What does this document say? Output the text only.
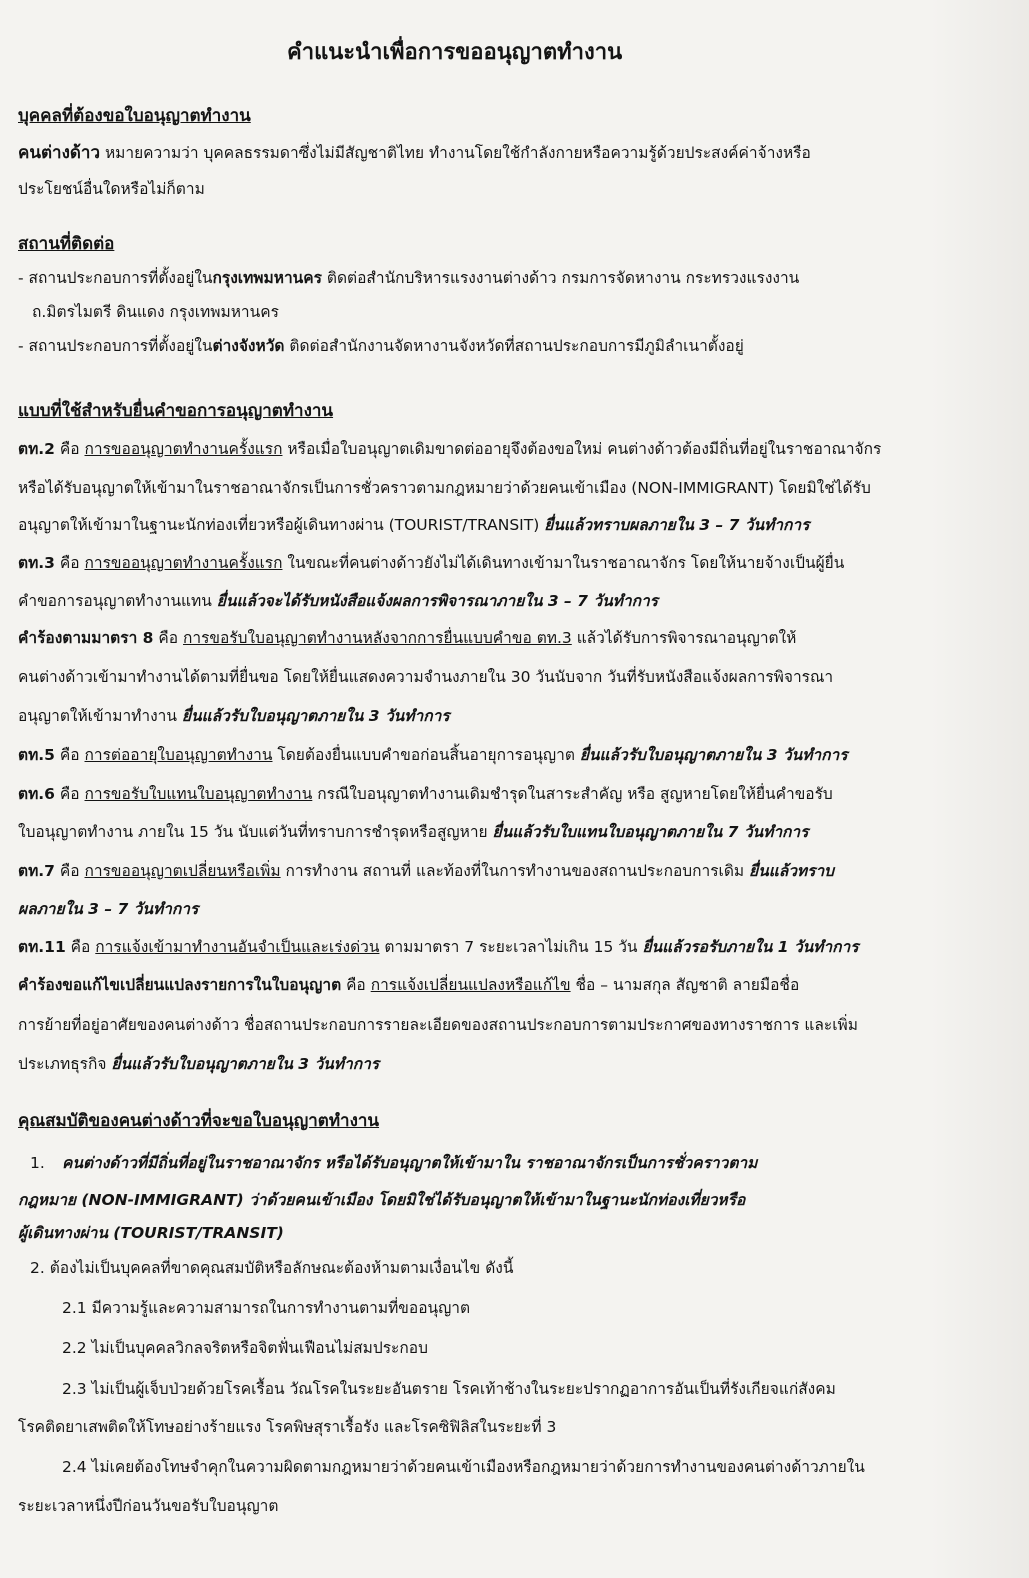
คำแนะนำเพื่อการขออนุญาตทำงาน
บุคคลที่ต้องขอใบอนุญาตทำงาน
คนต่างด้าว หมายความว่า บุคคลธรรมดาซึ่งไม่มีสัญชาติไทย ทำงานโดยใช้กำลังกายหรือความรู้ด้วยประสงค์ค่าจ้างหรือ
ประโยชน์อื่นใดหรือไม่ก็ตาม
สถานที่ติดต่อ
- สถานประกอบการที่ตั้งอยู่ในกรุงเทพมหานคร ติดต่อสำนักบริหารแรงงานต่างด้าว กรมการจัดหางาน กระทรวงแรงงาน
ถ.มิตรไมตรี ดินแดง กรุงเทพมหานคร
- สถานประกอบการที่ตั้งอยู่ในต่างจังหวัด ติดต่อสำนักงานจัดหางานจังหวัดที่สถานประกอบการมีภูมิลำเนาตั้งอยู่
แบบที่ใช้สำหรับยื่นคำขอการอนุญาตทำงาน
ตท.2 คือ การขออนุญาตทำงานครั้งแรก หรือเมื่อใบอนุญาตเดิมขาดต่ออายุจึงต้องขอใหม่ คนต่างด้าวต้องมีถิ่นที่อยู่ในราชอาณาจักร
หรือได้รับอนุญาตให้เข้ามาในราชอาณาจักรเป็นการชั่วคราวตามกฎหมายว่าด้วยคนเข้าเมือง (NON-IMMIGRANT) โดยมิใช่ได้รับ
อนุญาตให้เข้ามาในฐานะนักท่องเที่ยวหรือผู้เดินทางผ่าน (TOURIST/TRANSIT) ยื่นแล้วทราบผลภายใน 3 – 7 วันทำการ
ตท.3 คือ การขออนุญาตทำงานครั้งแรก ในขณะที่คนต่างด้าวยังไม่ได้เดินทางเข้ามาในราชอาณาจักร โดยให้นายจ้างเป็นผู้ยื่น
คำขอการอนุญาตทำงานแทน ยื่นแล้วจะได้รับหนังสือแจ้งผลการพิจารณาภายใน 3 – 7 วันทำการ
คำร้องตามมาตรา 8 คือ การขอรับใบอนุญาตทำงานหลังจากการยื่นแบบคำขอ ตท.3 แล้วได้รับการพิจารณาอนุญาตให้
คนต่างด้าวเข้ามาทำงานได้ตามที่ยื่นขอ โดยให้ยื่นแสดงความจำนงภายใน 30 วันนับจาก วันที่รับหนังสือแจ้งผลการพิจารณา
อนุญาตให้เข้ามาทำงาน ยื่นแล้วรับใบอนุญาตภายใน 3 วันทำการ
ตท.5 คือ การต่ออายุใบอนุญาตทำงาน โดยต้องยื่นแบบคำขอก่อนสิ้นอายุการอนุญาต ยื่นแล้วรับใบอนุญาตภายใน 3 วันทำการ
ตท.6 คือ การขอรับใบแทนใบอนุญาตทำงาน กรณีใบอนุญาตทำงานเดิมชำรุดในสาระสำคัญ หรือ สูญหายโดยให้ยื่นคำขอรับ
ใบอนุญาตทำงาน ภายใน 15 วัน นับแต่วันที่ทราบการชำรุดหรือสูญหาย ยื่นแล้วรับใบแทนใบอนุญาตภายใน 7 วันทำการ
ตท.7 คือ การขออนุญาตเปลี่ยนหรือเพิ่ม การทำงาน สถานที่ และท้องที่ในการทำงานของสถานประกอบการเดิม ยื่นแล้วทราบ
ผลภายใน 3 – 7 วันทำการ
ตท.11 คือ การแจ้งเข้ามาทำงานอันจำเป็นและเร่งด่วน ตามมาตรา 7 ระยะเวลาไม่เกิน 15 วัน ยื่นแล้วรอรับภายใน 1 วันทำการ
คำร้องขอแก้ไขเปลี่ยนแปลงรายการในใบอนุญาต คือ การแจ้งเปลี่ยนแปลงหรือแก้ไข ชื่อ – นามสกุล สัญชาติ ลายมือชื่อ
การย้ายที่อยู่อาศัยของคนต่างด้าว ชื่อสถานประกอบการรายละเอียดของสถานประกอบการตามประกาศของทางราชการ และเพิ่ม
ประเภทธุรกิจ ยื่นแล้วรับใบอนุญาตภายใน 3 วันทำการ
คุณสมบัติของคนต่างด้าวที่จะขอใบอนุญาตทำงาน
1. คนต่างด้าวที่มีถิ่นที่อยู่ในราชอาณาจักร หรือได้รับอนุญาตให้เข้ามาใน ราชอาณาจักรเป็นการชั่วคราวตาม
กฎหมาย (NON-IMMIGRANT) ว่าด้วยคนเข้าเมือง โดยมิใช่ได้รับอนุญาตให้เข้ามาในฐานะนักท่องเที่ยวหรือ
ผู้เดินทางผ่าน (TOURIST/TRANSIT)
2. ต้องไม่เป็นบุคคลที่ขาดคุณสมบัติหรือลักษณะต้องห้ามตามเงื่อนไข ดังนี้
2.1 มีความรู้และความสามารถในการทำงานตามที่ขออนุญาต
2.2 ไม่เป็นบุคคลวิกลจริตหรือจิตฟั่นเฟือนไม่สมประกอบ
2.3 ไม่เป็นผู้เจ็บป่วยด้วยโรคเรื้อน วัณโรคในระยะอันตราย โรคเท้าช้างในระยะปรากฏอาการอันเป็นที่รังเกียจแก่สังคม
โรคติดยาเสพติดให้โทษอย่างร้ายแรง โรคพิษสุราเรื้อรัง และโรคซิฟิลิสในระยะที่ 3
2.4 ไม่เคยต้องโทษจำคุกในความผิดตามกฎหมายว่าด้วยคนเข้าเมืองหรือกฎหมายว่าด้วยการทำงานของคนต่างด้าวภายใน
ระยะเวลาหนึ่งปีก่อนวันขอรับใบอนุญาต
